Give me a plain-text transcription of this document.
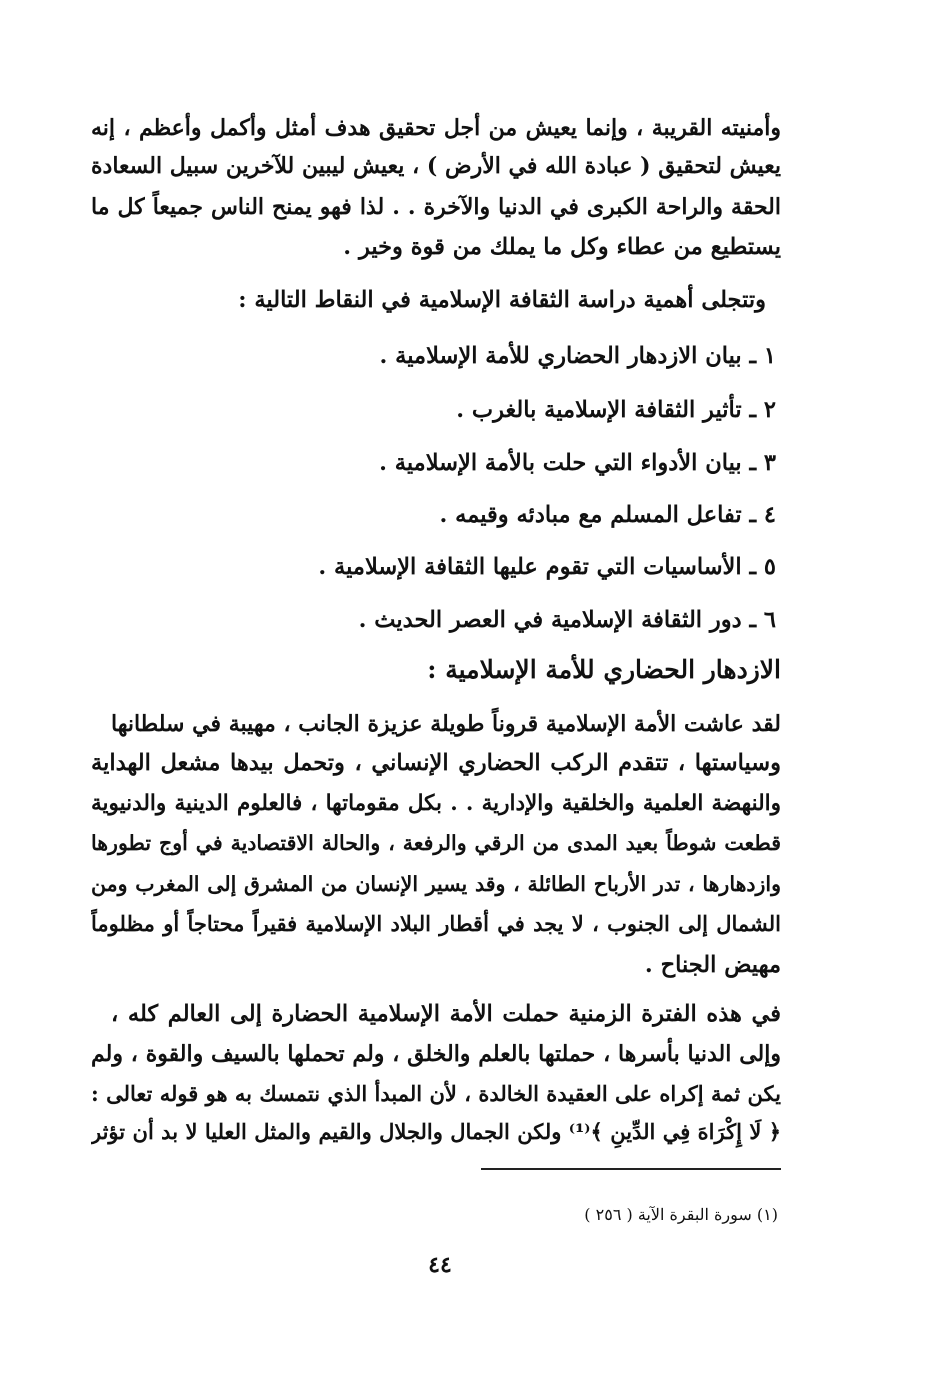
وأمنيته القريبة ، وإنما يعيش من أجل تحقيق هدف أمثل وأكمل وأعظم ، إنه
يعيش لتحقيق ( عبادة الله في الأرض ) ، يعيش ليبين للآخرين سبيل السعادة
الحقة والراحة الكبرى في الدنيا والآخرة . . لذا فهو يمنح الناس جميعاً كل ما
يستطيع من عطاء وكل ما يملك من قوة وخير .
وتتجلى أهمية دراسة الثقافة الإسلامية في النقاط التالية :
١ ـ بيان الازدهار الحضاري للأمة الإسلامية .
٢ ـ تأثير الثقافة الإسلامية بالغرب .
٣ ـ بيان الأدواء التي حلت بالأمة الإسلامية .
٤ ـ تفاعل المسلم مع مبادئه وقيمه .
٥ ـ الأساسيات التي تقوم عليها الثقافة الإسلامية .
٦ ـ دور الثقافة الإسلامية في العصر الحديث .
الازدهار الحضاري للأمة الإسلامية :
لقد عاشت الأمة الإسلامية قروناً طويلة عزيزة الجانب ، مهيبة في سلطانها
وسياستها ، تتقدم الركب الحضاري الإنساني ، وتحمل بيدها مشعل الهداية
والنهضة العلمية والخلقية والإدارية . . بكل مقوماتها ، فالعلوم الدينية والدنيوية
قطعت شوطاً بعيد المدى من الرقي والرفعة ، والحالة الاقتصادية في أوج تطورها
وازدهارها ، تدر الأرباح الطائلة ، وقد يسير الإنسان من المشرق إلى المغرب ومن
الشمال إلى الجنوب ، لا يجد في أقطار البلاد الإسلامية فقيراً محتاجاً أو مظلوماً
مهيض الجناح .
في هذه الفترة الزمنية حملت الأمة الإسلامية الحضارة إلى العالم كله ،
وإلى الدنيا بأسرها ، حملتها بالعلم والخلق ، ولم تحملها بالسيف والقوة ، ولم
يكن ثمة إكراه على العقيدة الخالدة ، لأن المبدأ الذي نتمسك به هو قوله تعالى :
﴿ لَا إِكْرَاهَ فِي الدِّينِ ﴾⁽¹⁾ ولكن الجمال والجلال والقيم والمثل العليا لا بد أن تؤثر
(١) سورة البقرة الآية ( ٢٥٦ )
٤٤
